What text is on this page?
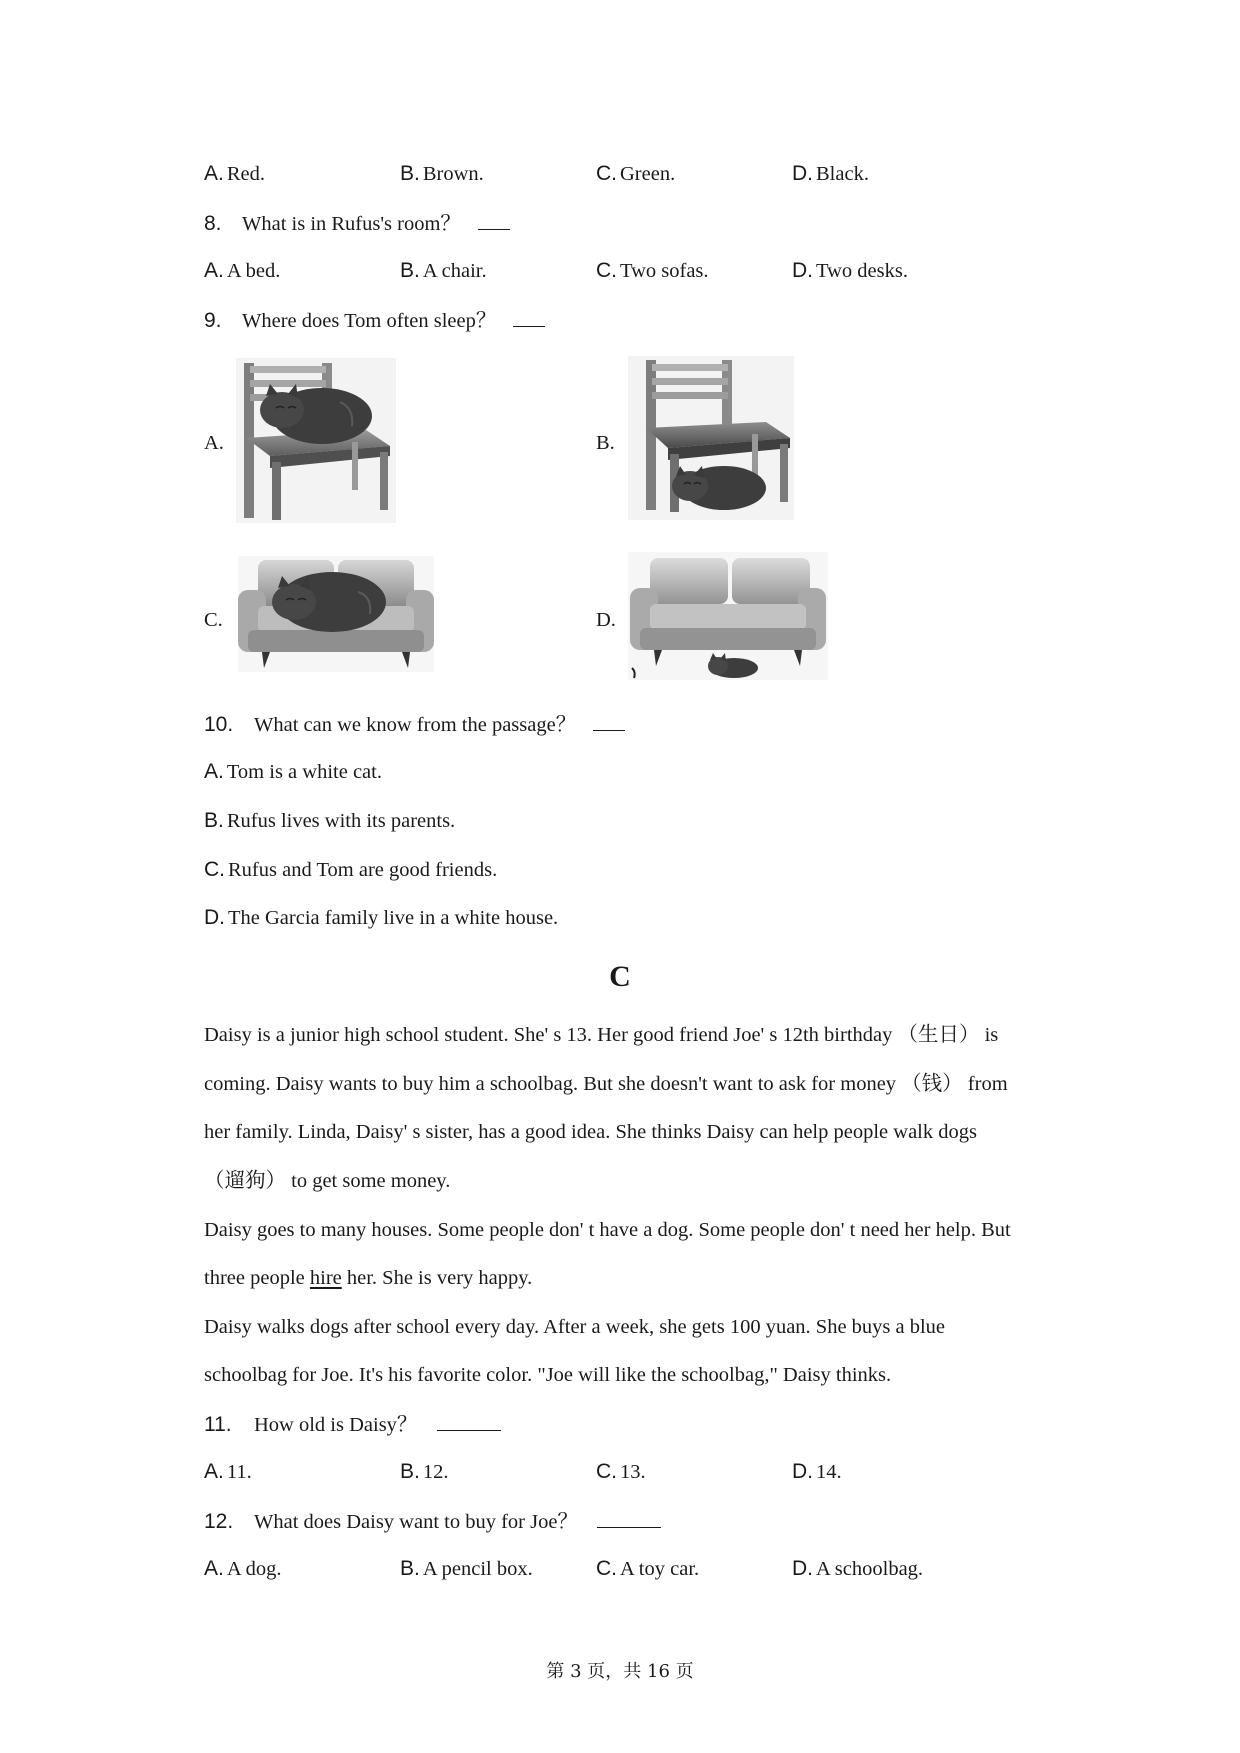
A. Red.	B. Brown.	C. Green.	D. Black.
8. What is in Rufus's room？
A. A bed.	B. A chair.	C. Two sofas.	D. Two desks.
9. Where does Tom often sleep？
A.	B.
C.	D.
10. What can we know from the passage？
A. Tom is a white cat.
B. Rufus lives with its parents.
C. Rufus and Tom are good friends.
D. The Garcia family live in a white house.
C
Daisy is a junior high school student. She' s 13. Her good friend Joe' s 12th birthday （生日） is
coming. Daisy wants to buy him a schoolbag. But she doesn't want to ask for money （钱） from
her family. Linda, Daisy' s sister, has a good idea. She thinks Daisy can help people walk dogs
（遛狗） to get some money.
Daisy goes to many houses. Some people don' t have a dog. Some people don' t need her help. But
three people hire her. She is very happy.
Daisy walks dogs after school every day. After a week, she gets 100 yuan. She buys a blue
schoolbag for Joe. It's his favorite color. "Joe will like the schoolbag," Daisy thinks.
11. How old is Daisy？
A. 11.	B. 12.	C. 13.	D. 14.
12. What does Daisy want to buy for Joe？
A. A dog.	B. A pencil box.	C. A toy car.	D. A schoolbag.
第 3 页，共 16 页
